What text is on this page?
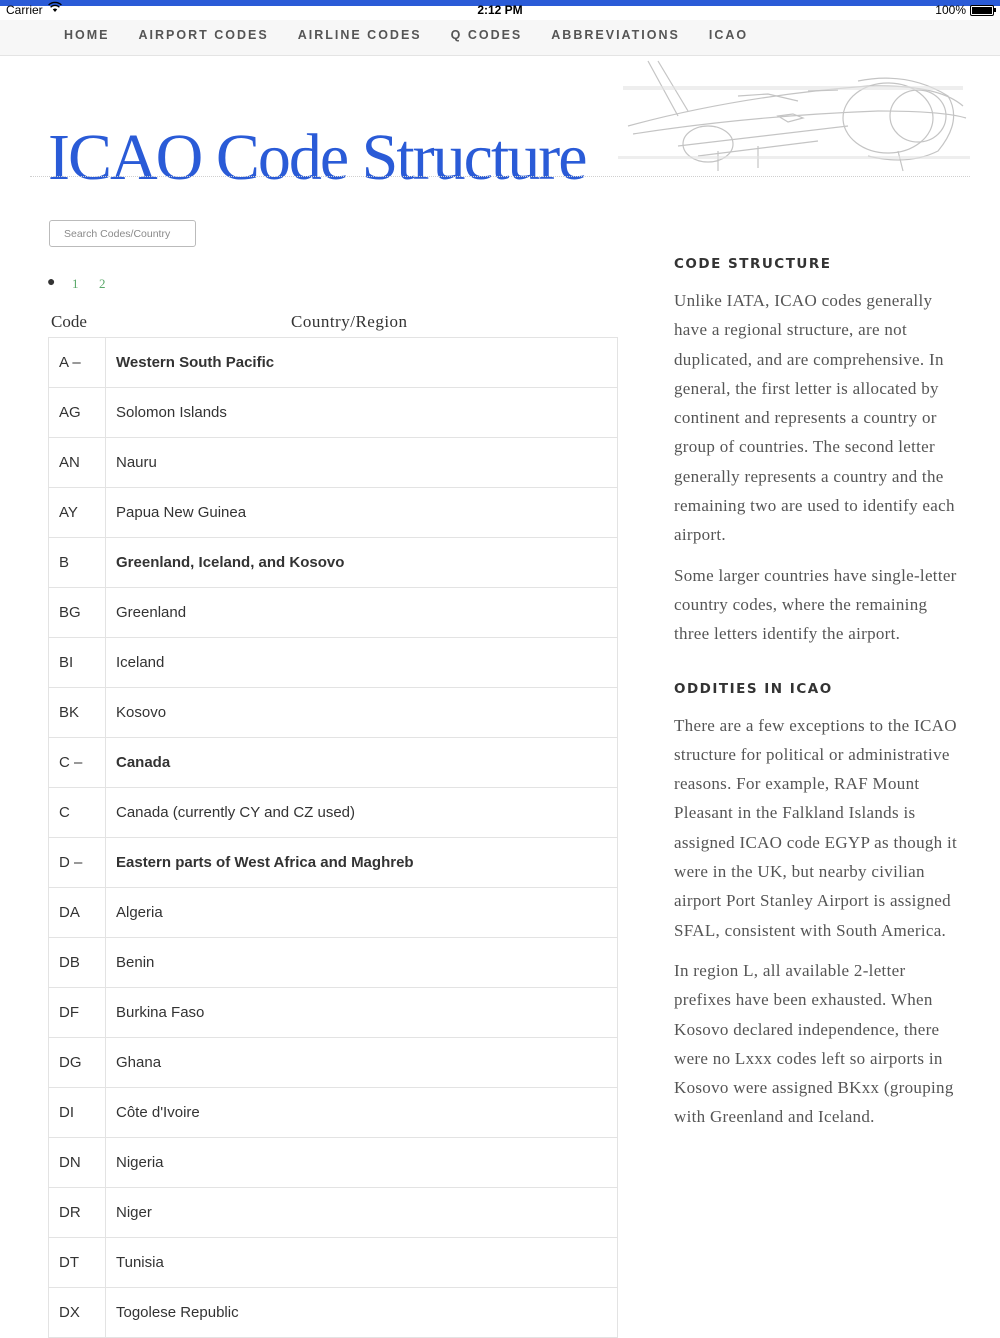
Carrier	2:12 PM	100%
HOME AIRPORT CODES AIRLINE CODES Q CODES ABBREVIATIONS ICAO
ICAO Code Structure
Search Codes/Country
● 1 2
Code	Country/Region
A –	Western South Pacific
AG	Solomon Islands
AN	Nauru
AY	Papua New Guinea
B	Greenland, Iceland, and Kosovo
BG	Greenland
BI	Iceland
BK	Kosovo
C –	Canada
C	Canada (currently CY and CZ used)
D –	Eastern parts of West Africa and Maghreb
DA	Algeria
DB	Benin
DF	Burkina Faso
DG	Ghana
DI	Côte d'Ivoire
DN	Nigeria
DR	Niger
DT	Tunisia
DX	Togolese Republic
CODE STRUCTURE

Unlike IATA, ICAO codes generally have a regional structure, are not duplicated, and are comprehensive. In general, the first letter is allocated by continent and represents a country or group of countries. The second letter generally represents a country and the remaining two are used to identify each airport.

Some larger countries have single-letter country codes, where the remaining three letters identify the airport.

ODDITIES IN ICAO

There are a few exceptions to the ICAO structure for political or administrative reasons. For example, RAF Mount Pleasant in the Falkland Islands is assigned ICAO code EGYP as though it were in the UK, but nearby civilian airport Port Stanley Airport is assigned SFAL, consistent with South America.

In region L, all available 2-letter prefixes have been exhausted. When Kosovo declared independence, there were no Lxxx codes left so airports in Kosovo were assigned BKxx (grouping with Greenland and Iceland.
